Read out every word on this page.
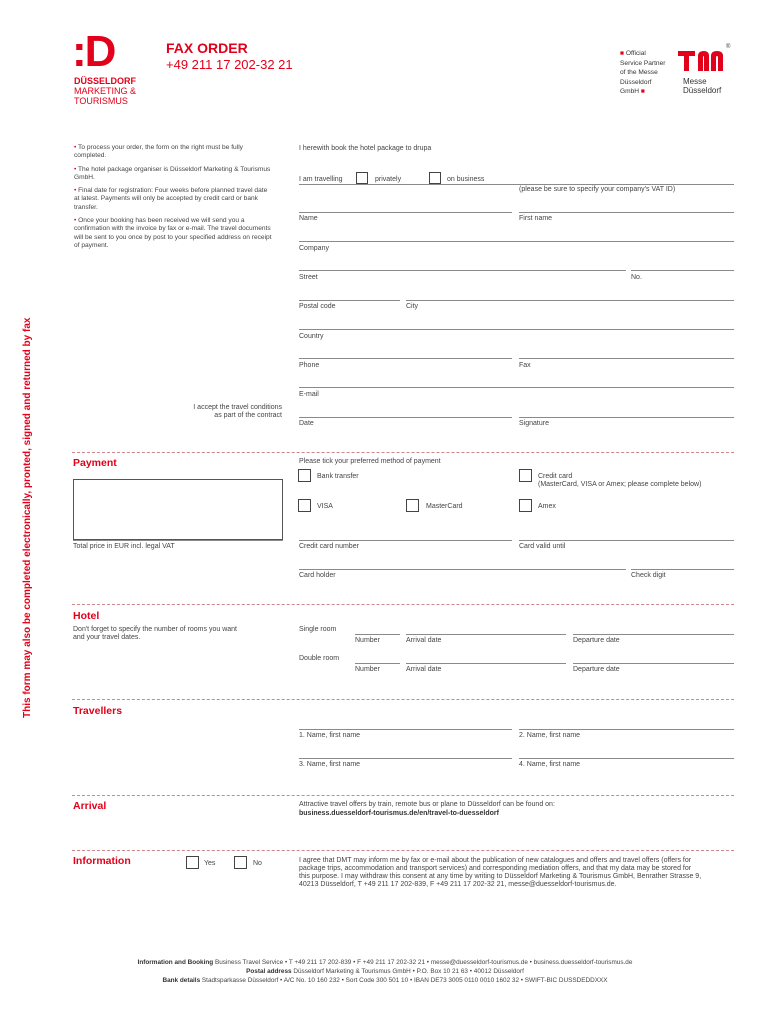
:D
DÜSSELDORF
MARKETING &
TOURISMUS
FAX ORDER
+49 211 17 202-32 21
■ Official
Service Partner
of the Messe
Düsseldorf
GmbH ■
®
Messe
Düsseldorf
This form may also be completed electronically, pronted, signed and returned by fax
• To process your order, the form on the right must be fully completed.
• The hotel package organiser is Düsseldorf Marketing & Tourismus GmbH.
• Final date for registration: Four weeks before planned travel date at latest. Payments will only be accepted by credit card or bank transfer.
• Once your booking has been received we will send you a confirmation with the invoice by fax or e-mail. The travel documents will be sent to you once by post to your specified address on receipt of payment.
I herewith book the hotel package to drupa
I am travelling	privately	on business
(please be sure to specify your company's VAT ID)
Name	First name
Company
Street	No.
Postal code	City
Country
Phone	Fax
E-mail
I accept the travel conditions
as part of the contract
Date	Signature
Payment
Total price in EUR incl. legal VAT
Please tick your preferred method of payment
Bank transfer	Credit card
(MasterCard, VISA or Amex; please complete below)
VISA	MasterCard	Amex
Credit card number	Card valid until
Card holder	Check digit
Hotel
Don't forget to specify the number of rooms you want
and your travel dates.
Single room
Number	Arrival date	Departure date
Double room
Number	Arrival date	Departure date
Travellers
1. Name, first name	2. Name, first name
3. Name, first name	4. Name, first name
Arrival	Attractive travel offers by train, remote bus or plane to Düsseldorf can be found on:
business.duesseldorf-tourismus.de/en/travel-to-duesseldorf
Information	Yes	No	I agree that DMT may inform me by fax or e-mail about the publication of new catalogues and offers and travel offers (offers for
package trips, accommodation and transport services) and corresponding mediation offers, and that my data may be stored for
this purpose. I may withdraw this consent at any time by writing to Düsseldorf Marketing & Tourismus GmbH, Benrather Strasse 9,
40213 Düsseldorf, T +49 211 17 202-839, F +49 211 17 202-32 21, messe@duesseldorf-tourismus.de.
Information and Booking Business Travel Service • T +49 211 17 202-839 • F +49 211 17 202-32 21 • messe@duesseldorf-tourismus.de • business.duesseldorf-tourismus.de
Postal address Düsseldorf Marketing & Tourismus GmbH • P.O. Box 10 21 63 • 40012 Düsseldorf
Bank details Stadtsparkasse Düsseldorf • A/C No. 10 160 232 • Sort Code 300 501 10 • IBAN DE73 3005 0110 0010 1602 32 • SWIFT-BIC DUSSDEDDXXX
